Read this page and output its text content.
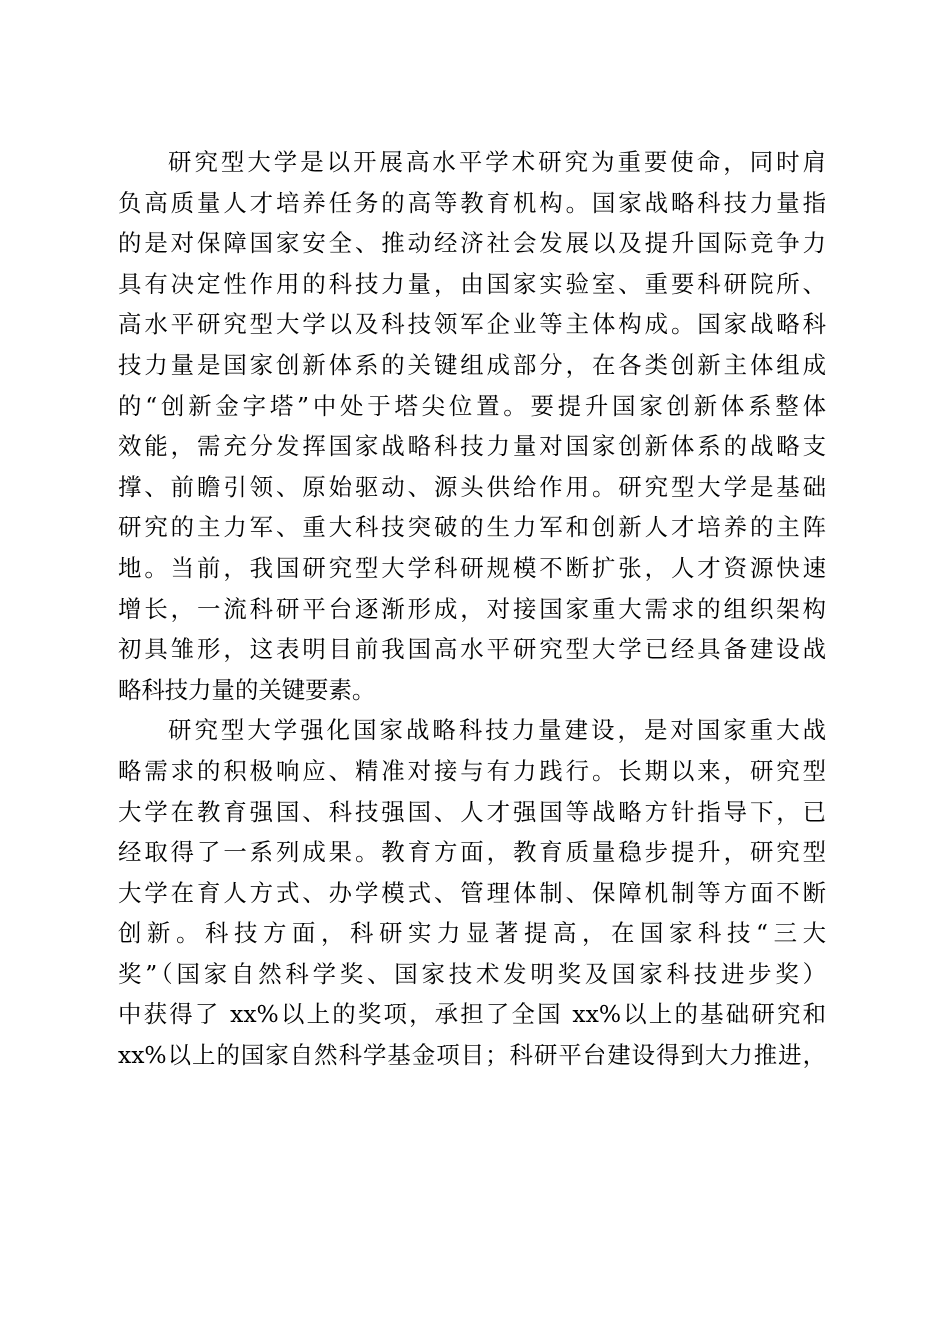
研究型大学是以开展高水平学术研究为重要使命，同时肩
负高质量人才培养任务的高等教育机构。国家战略科技力量指
的是对保障国家安全、推动经济社会发展以及提升国际竞争力
具有决定性作用的科技力量，由国家实验室、重要科研院所、
高水平研究型大学以及科技领军企业等主体构成。国家战略科
技力量是国家创新体系的关键组成部分，在各类创新主体组成
的“创新金字塔”中处于塔尖位置。要提升国家创新体系整体
效能，需充分发挥国家战略科技力量对国家创新体系的战略支
撑、前瞻引领、原始驱动、源头供给作用。研究型大学是基础
研究的主力军、重大科技突破的生力军和创新人才培养的主阵
地。当前，我国研究型大学科研规模不断扩张，人才资源快速
增长，一流科研平台逐渐形成，对接国家重大需求的组织架构
初具雏形，这表明目前我国高水平研究型大学已经具备建设战
略科技力量的关键要素。
研究型大学强化国家战略科技力量建设，是对国家重大战
略需求的积极响应、精准对接与有力践行。长期以来，研究型
大学在教育强国、科技强国、人才强国等战略方针指导下，已
经取得了一系列成果。教育方面，教育质量稳步提升，研究型
大学在育人方式、办学模式、管理体制、保障机制等方面不断
创新。科技方面，科研实力显著提高，在国家科技“三大
奖”（国家自然科学奖、国家技术发明奖及国家科技进步奖）
中获得了 xx%以上的奖项，承担了全国 xx%以上的基础研究和
xx%以上的国家自然科学基金项目；科研平台建设得到大力推进，
